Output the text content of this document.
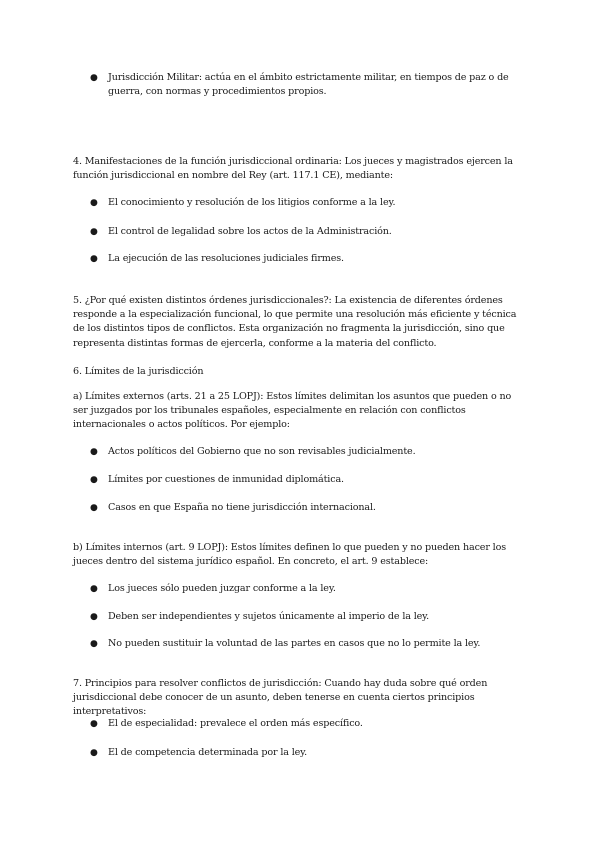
●	Jurisdicción Militar: actúa en el ámbito estrictamente militar, en tiempos de paz o de guerra, con normas y procedimientos propios.

4. Manifestaciones de la función jurisdiccional ordinaria: Los jueces y magistrados ejercen la función jurisdiccional en nombre del Rey (art. 117.1 CE), mediante:

●	El conocimiento y resolución de los litigios conforme a la ley.
●	El control de legalidad sobre los actos de la Administración.
●	La ejecución de las resoluciones judiciales firmes.

5. ¿Por qué existen distintos órdenes jurisdiccionales?: La existencia de diferentes órdenes responde a la especialización funcional, lo que permite una resolución más eficiente y técnica de los distintos tipos de conflictos. Esta organización no fragmenta la jurisdicción, sino que representa distintas formas de ejercerla, conforme a la materia del conflicto.

6. Límites de la jurisdicción

a) Límites externos (arts. 21 a 25 LOPJ): Estos límites delimitan los asuntos que pueden o no ser juzgados por los tribunales españoles, especialmente en relación con conflictos internacionales o actos políticos. Por ejemplo:

●	Actos políticos del Gobierno que no son revisables judicialmente.
●	Límites por cuestiones de inmunidad diplomática.
●	Casos en que España no tiene jurisdicción internacional.

b) Límites internos (art. 9 LOPJ): Estos límites definen lo que pueden y no pueden hacer los jueces dentro del sistema jurídico español. En concreto, el art. 9 establece:

●	Los jueces sólo pueden juzgar conforme a la ley.
●	Deben ser independientes y sujetos únicamente al imperio de la ley.
●	No pueden sustituir la voluntad de las partes en casos que no lo permite la ley.

7. Principios para resolver conflictos de jurisdicción: Cuando hay duda sobre qué orden jurisdiccional debe conocer de un asunto, deben tenerse en cuenta ciertos principios interpretativos:

●	El de especialidad: prevalece el orden más específico.
●	El de competencia determinada por la ley.
